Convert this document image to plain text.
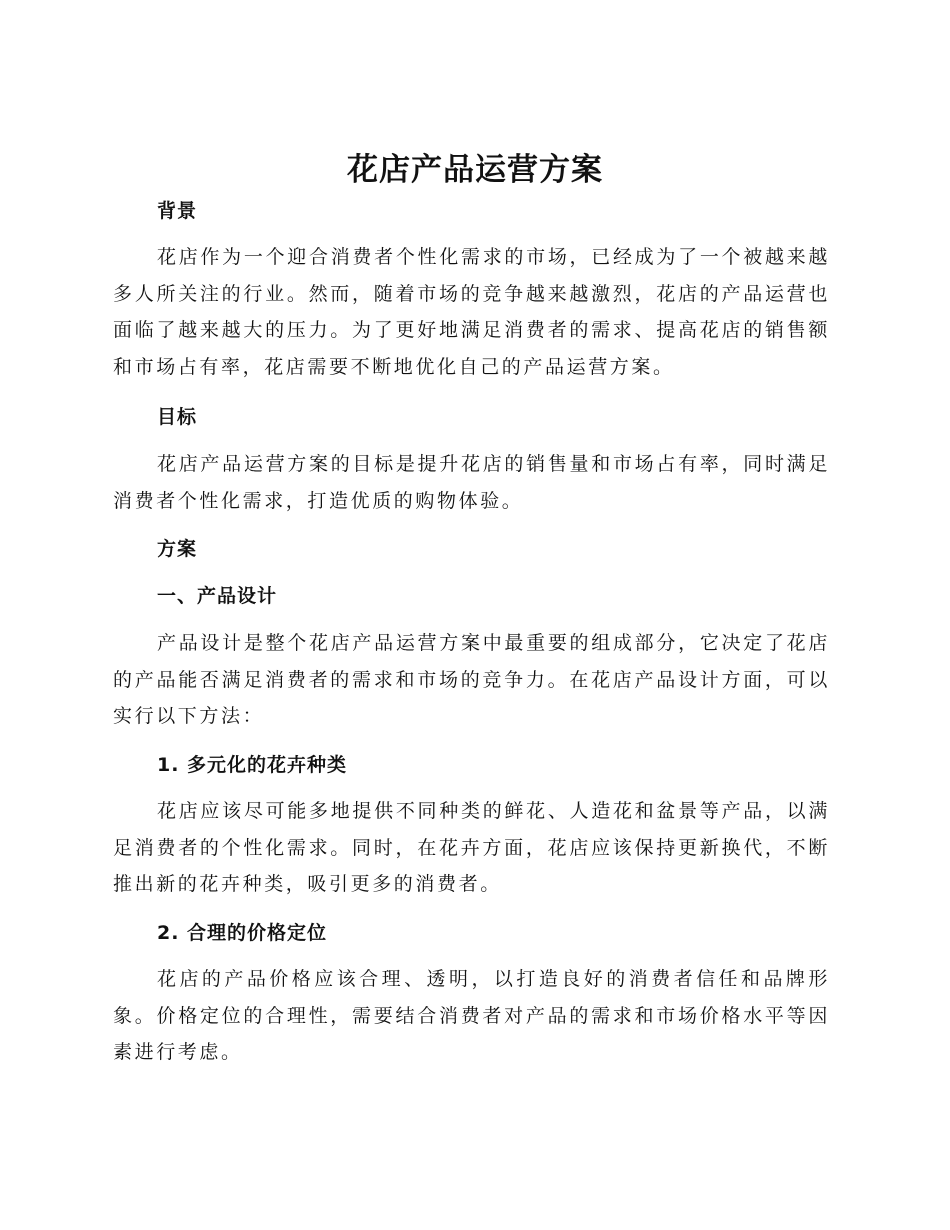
花店产品运营方案
背景

花店作为一个迎合消费者个性化需求的市场，已经成为了一个被越来越多人所关注的行业。然而，随着市场的竞争越来越激烈，花店的产品运营也面临了越来越大的压力。为了更好地满足消费者的需求、提高花店的销售额和市场占有率，花店需要不断地优化自己的产品运营方案。

目标

花店产品运营方案的目标是提升花店的销售量和市场占有率，同时满足消费者个性化需求，打造优质的购物体验。

方案
一、产品设计

产品设计是整个花店产品运营方案中最重要的组成部分，它决定了花店的产品能否满足消费者的需求和市场的竞争力。在花店产品设计方面，可以实行以下方法：

1. 多元化的花卉种类

花店应该尽可能多地提供不同种类的鲜花、人造花和盆景等产品，以满足消费者的个性化需求。同时，在花卉方面，花店应该保持更新换代，不断推出新的花卉种类，吸引更多的消费者。

2. 合理的价格定位

花店的产品价格应该合理、透明，以打造良好的消费者信任和品牌形象。价格定位的合理性，需要结合消费者对产品的需求和市场价格水平等因素进行考虑。
